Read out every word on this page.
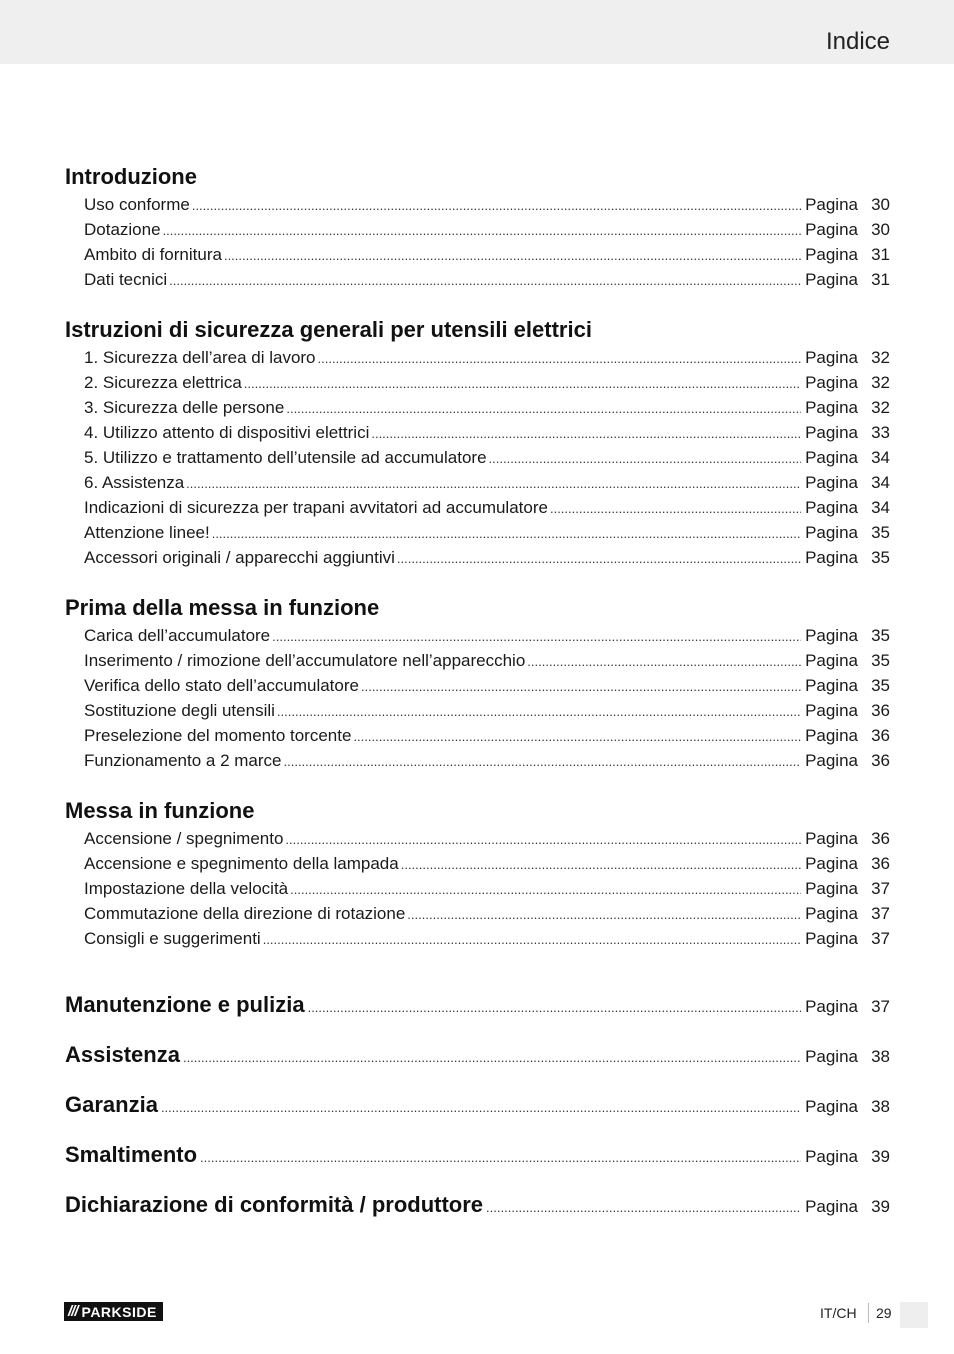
Indice
Introduzione
Uso conforme .....	Pagina 30
Dotazione .....	Pagina 30
Ambito di fornitura .....	Pagina 31
Dati tecnici .....	Pagina 31
Istruzioni di sicurezza generali per utensili elettrici
1. Sicurezza dell’area di lavoro .....	Pagina 32
2. Sicurezza elettrica .....	Pagina 32
3. Sicurezza delle persone .....	Pagina 32
4. Utilizzo attento di dispositivi elettrici .....	Pagina 33
5. Utilizzo e trattamento dell’utensile ad accumulatore .....	Pagina 34
6. Assistenza .....	Pagina 34
Indicazioni di sicurezza per trapani avvitatori ad accumulatore .....	Pagina 34
Attenzione linee! .....	Pagina 35
Accessori originali / apparecchi aggiuntivi .....	Pagina 35
Prima della messa in funzione
Carica dell’accumulatore .....	Pagina 35
Inserimento / rimozione dell’accumulatore nell’apparecchio .....	Pagina 35
Verifica dello stato dell’accumulatore .....	Pagina 35
Sostituzione degli utensili .....	Pagina 36
Preselezione del momento torcente .....	Pagina 36
Funzionamento a 2 marce .....	Pagina 36
Messa in funzione
Accensione / spegnimento .....	Pagina 36
Accensione e spegnimento della lampada .....	Pagina 36
Impostazione della velocità .....	Pagina 37
Commutazione della direzione di rotazione .....	Pagina 37
Consigli e suggerimenti .....	Pagina 37
Manutenzione e pulizia .....	Pagina 37
Assistenza .....	Pagina 38
Garanzia .....	Pagina 38
Smaltimento .....	Pagina 39
Dichiarazione di conformità / produttore .....	Pagina 39
/// PARKSIDE	IT/CH 29
